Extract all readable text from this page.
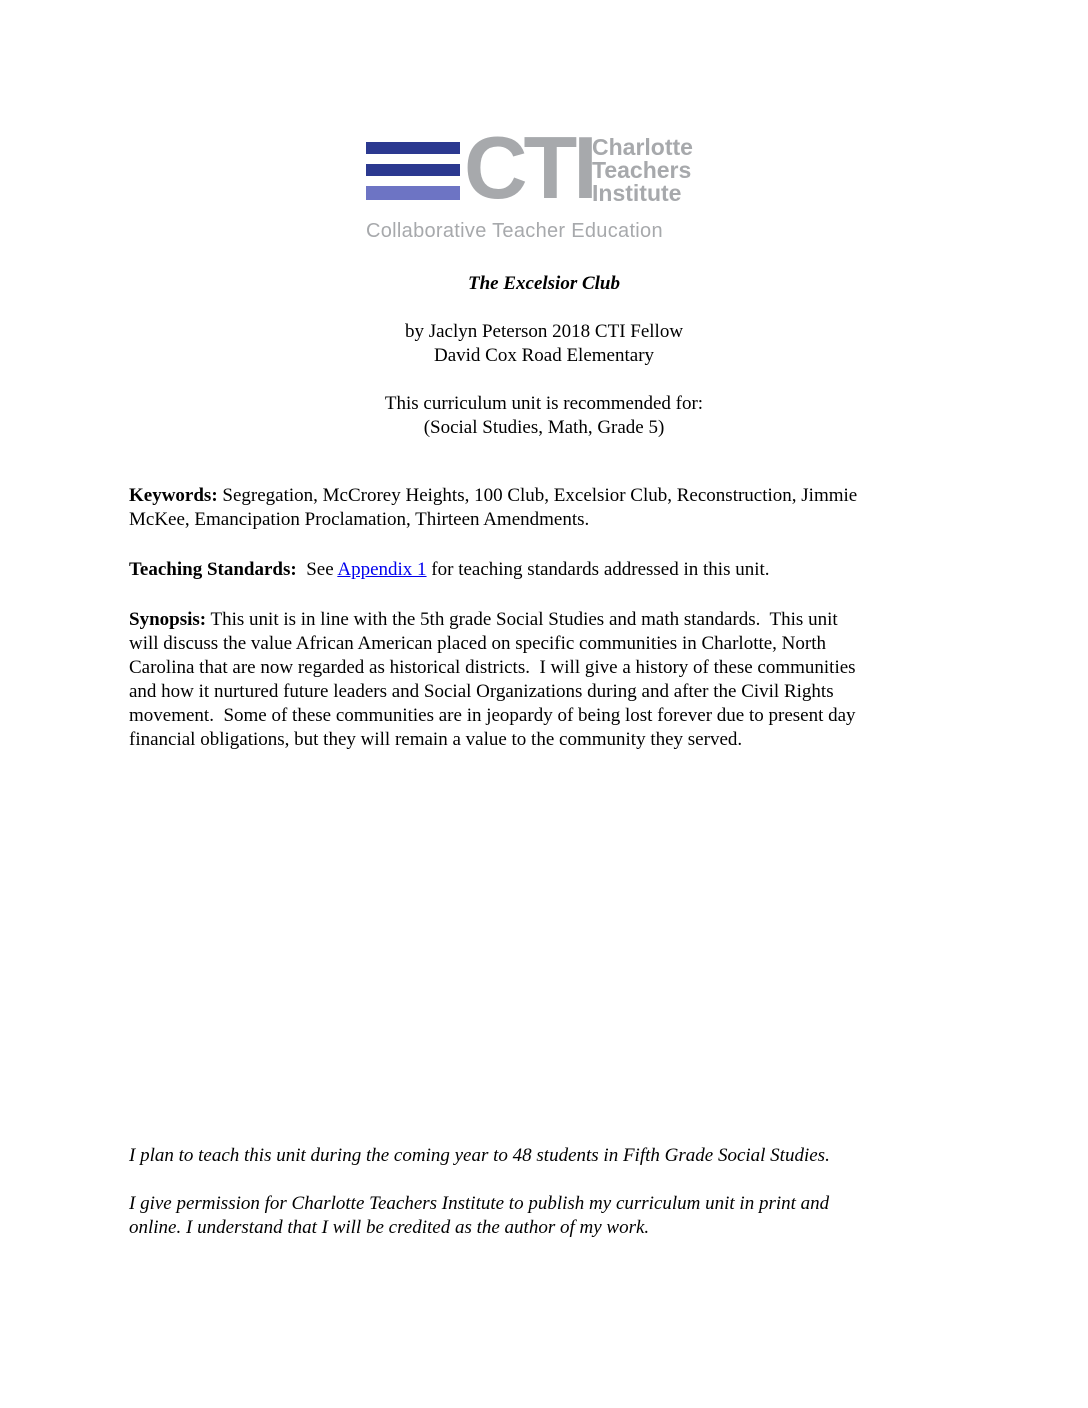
CTI
Charlotte
Teachers
Institute
Collaborative Teacher Education
The Excelsior Club
by Jaclyn Peterson 2018 CTI Fellow
David Cox Road Elementary
This curriculum unit is recommended for:
(Social Studies, Math, Grade 5)
Keywords: Segregation, McCrorey Heights, 100 Club, Excelsior Club, Reconstruction, Jimmie
McKee, Emancipation Proclamation, Thirteen Amendments.
Teaching Standards:  See Appendix 1 for teaching standards addressed in this unit.
Synopsis: This unit is in line with the 5th grade Social Studies and math standards.  This unit
will discuss the value African American placed on specific communities in Charlotte, North
Carolina that are now regarded as historical districts.  I will give a history of these communities
and how it nurtured future leaders and Social Organizations during and after the Civil Rights
movement.  Some of these communities are in jeopardy of being lost forever due to present day
financial obligations, but they will remain a value to the community they served.
I plan to teach this unit during the coming year to 48 students in Fifth Grade Social Studies.
I give permission for Charlotte Teachers Institute to publish my curriculum unit in print and
online. I understand that I will be credited as the author of my work.
